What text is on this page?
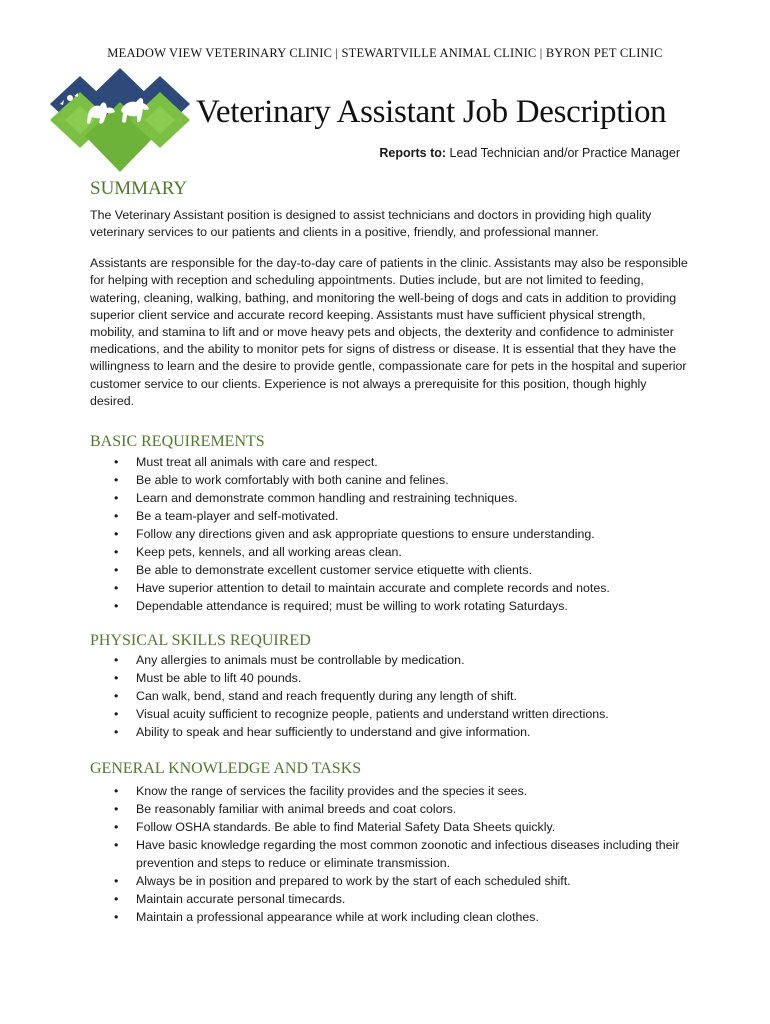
MEADOW VIEW VETERINARY CLINIC | STEWARTVILLE ANIMAL CLINIC | BYRON PET CLINIC
Veterinary Assistant Job Description
Reports to: Lead Technician and/or Practice Manager
SUMMARY

The Veterinary Assistant position is designed to assist technicians and doctors in providing high quality veterinary services to our patients and clients in a positive, friendly, and professional manner.

Assistants are responsible for the day-to-day care of patients in the clinic. Assistants may also be responsible for helping with reception and scheduling appointments. Duties include, but are not limited to feeding, watering, cleaning, walking, bathing, and monitoring the well-being of dogs and cats in addition to providing superior client service and accurate record keeping. Assistants must have sufficient physical strength, mobility, and stamina to lift and or move heavy pets and objects, the dexterity and confidence to administer medications, and the ability to monitor pets for signs of distress or disease. It is essential that they have the willingness to learn and the desire to provide gentle, compassionate care for pets in the hospital and superior customer service to our clients. Experience is not always a prerequisite for this position, though highly desired.

BASIC REQUIREMENTS
• Must treat all animals with care and respect.
• Be able to work comfortably with both canine and felines.
• Learn and demonstrate common handling and restraining techniques.
• Be a team-player and self-motivated.
• Follow any directions given and ask appropriate questions to ensure understanding.
• Keep pets, kennels, and all working areas clean.
• Be able to demonstrate excellent customer service etiquette with clients.
• Have superior attention to detail to maintain accurate and complete records and notes.
• Dependable attendance is required; must be willing to work rotating Saturdays.
PHYSICAL SKILLS REQUIRED
• Any allergies to animals must be controllable by medication.
• Must be able to lift 40 pounds.
• Can walk, bend, stand and reach frequently during any length of shift.
• Visual acuity sufficient to recognize people, patients and understand written directions.
• Ability to speak and hear sufficiently to understand and give information.
GENERAL KNOWLEDGE AND TASKS
• Know the range of services the facility provides and the species it sees.
• Be reasonably familiar with animal breeds and coat colors.
• Follow OSHA standards. Be able to find Material Safety Data Sheets quickly.
• Have basic knowledge regarding the most common zoonotic and infectious diseases including their prevention and steps to reduce or eliminate transmission.
• Always be in position and prepared to work by the start of each scheduled shift.
• Maintain accurate personal timecards.
• Maintain a professional appearance while at work including clean clothes.
